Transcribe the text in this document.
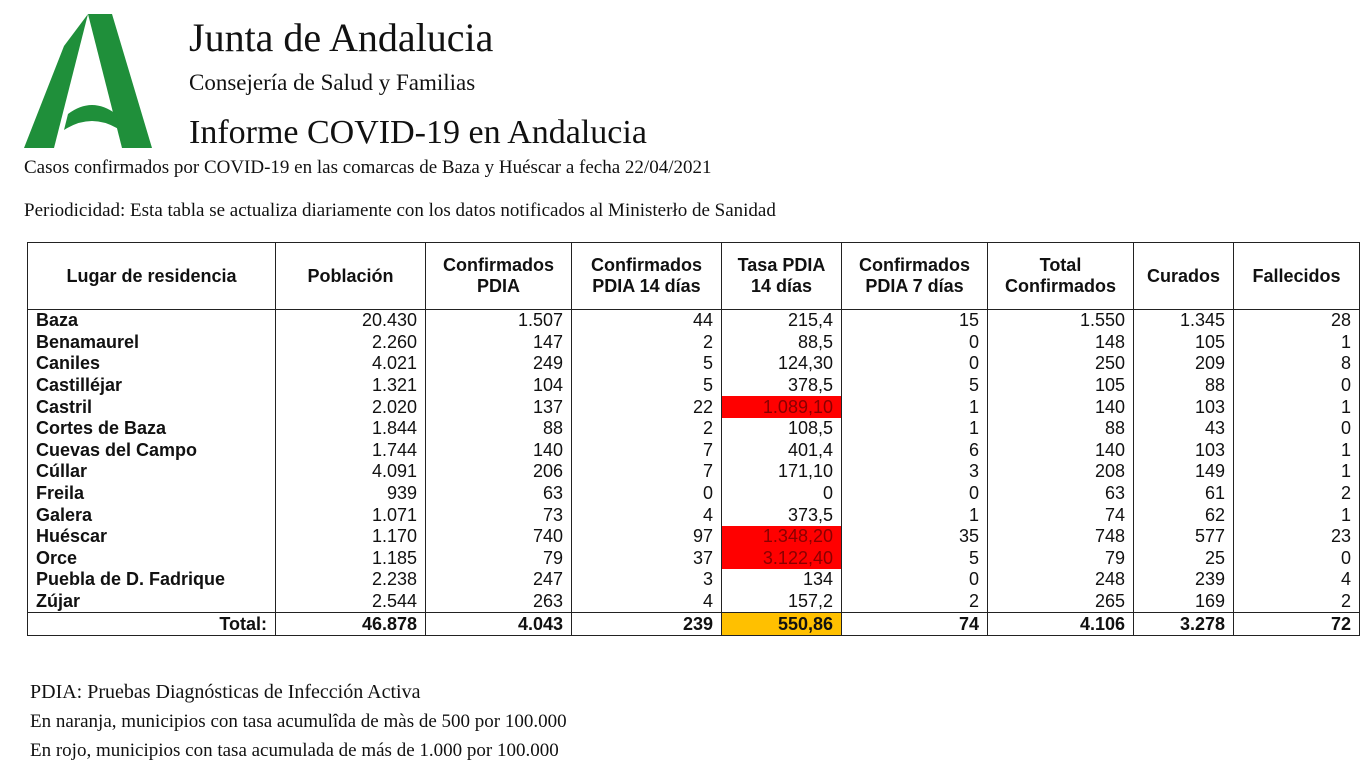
Junta de Andalucia
Consejería de Salud y Familias
Informe COVID-19 en Andalucia
Casos confirmados por COVID-19 en las comarcas de Baza y Huéscar a fecha 22/04/2021
Periodicidad: Esta tabla se actualiza diariamente con los datos notificados al Ministerło de Sanidad
Lugar de residencia	Población	Confirmados PDIA	Confirmados PDIA 14 días	Tasa PDIA 14 días	Confirmados PDIA 7 días	Total Confirmados	Curados	Fallecidos
Baza	20.430	1.507	44	215,4	15	1.550	1.345	28
Benamaurel	2.260	147	2	88,5	0	148	105	1
Caniles	4.021	249	5	124,30	0	250	209	8
Castilléjar	1.321	104	5	378,5	5	105	88	0
Castril	2.020	137	22	1.089,10	1	140	103	1
Cortes de Baza	1.844	88	2	108,5	1	88	43	0
Cuevas del Campo	1.744	140	7	401,4	6	140	103	1
Cúllar	4.091	206	7	171,10	3	208	149	1
Freila	939	63	0	0	0	63	61	2
Galera	1.071	73	4	373,5	1	74	62	1
Huéscar	1.170	740	97	1.348,20	35	748	577	23
Orce	1.185	79	37	3.122,40	5	79	25	0
Puebla de D. Fadrique	2.238	247	3	134	0	248	239	4
Zújar	2.544	263	4	157,2	2	265	169	2
Total:	46.878	4.043	239	550,86	74	4.106	3.278	72
PDIA: Pruebas Diagnósticas de Infección Activa
En naranja, municipios con tasa acumulîda de màs de 500 por 100.000
En rojo, municipios con tasa acumulada de más de 1.000 por 100.000
